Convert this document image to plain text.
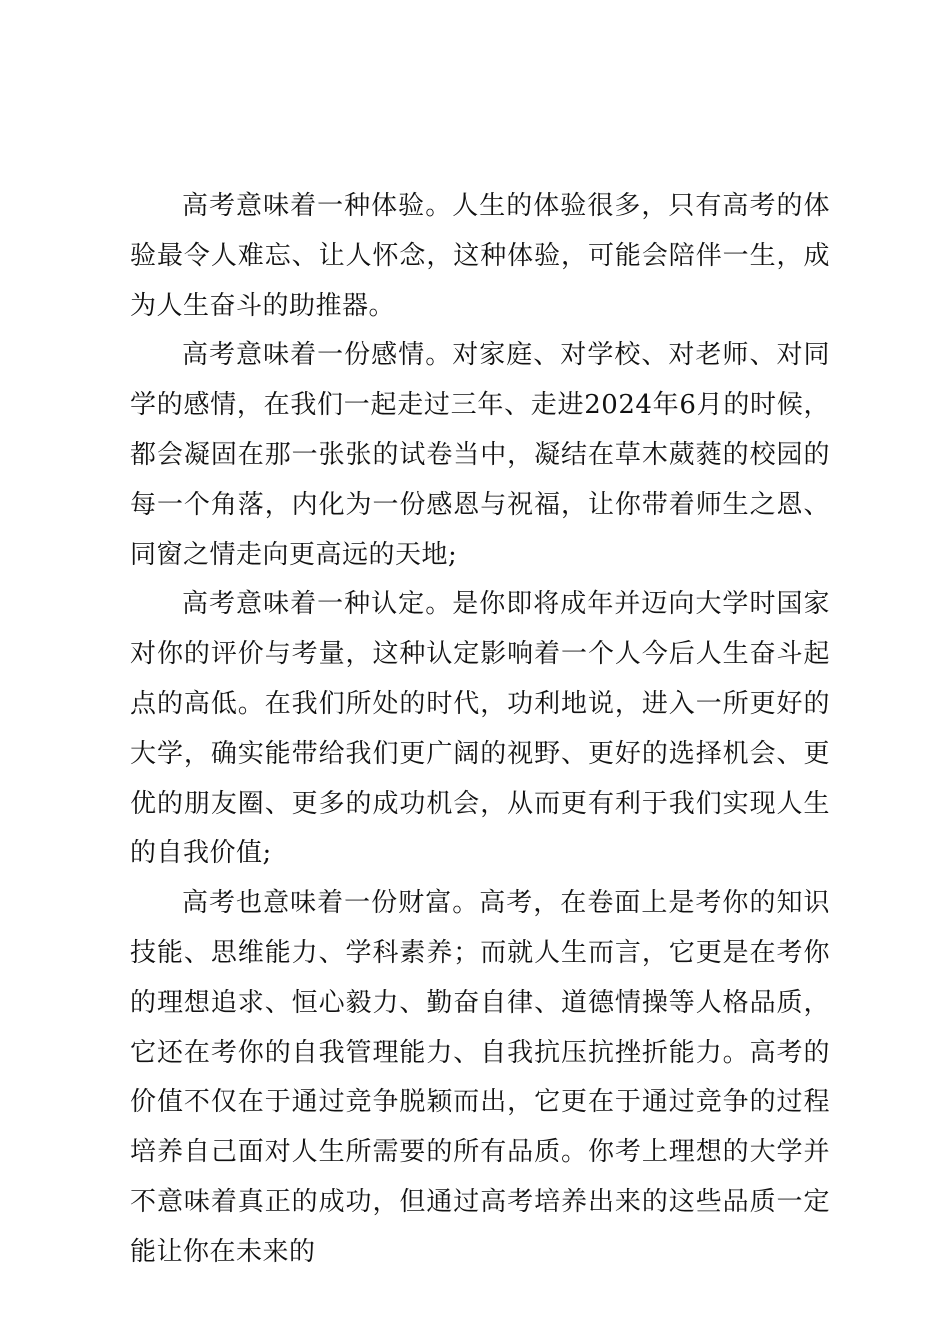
高考意味着一种体验。人生的体验很多，只有高考的体验最令人难忘、让人怀念，这种体验，可能会陪伴一生，成为人生奋斗的助推器。

高考意味着一份感情。对家庭、对学校、对老师、对同学的感情，在我们一起走过三年、走进2024年6月的时候，都会凝固在那一张张的试卷当中，凝结在草木葳蕤的校园的每一个角落，内化为一份感恩与祝福，让你带着师生之恩、同窗之情走向更高远的天地;

高考意味着一种认定。是你即将成年并迈向大学时国家对你的评价与考量，这种认定影响着一个人今后人生奋斗起点的高低。在我们所处的时代，功利地说，进入一所更好的大学，确实能带给我们更广阔的视野、更好的选择机会、更优的朋友圈、更多的成功机会，从而更有利于我们实现人生的自我价值;

高考也意味着一份财富。高考，在卷面上是考你的知识技能、思维能力、学科素养；而就人生而言，它更是在考你的理想追求、恒心毅力、勤奋自律、道德情操等人格品质，它还在考你的自我管理能力、自我抗压抗挫折能力。高考的价值不仅在于通过竞争脱颖而出，它更在于通过竞争的过程培养自己面对人生所需要的所有品质。你考上理想的大学并不意味着真正的成功，但通过高考培养出来的这些品质一定能让你在未来的
